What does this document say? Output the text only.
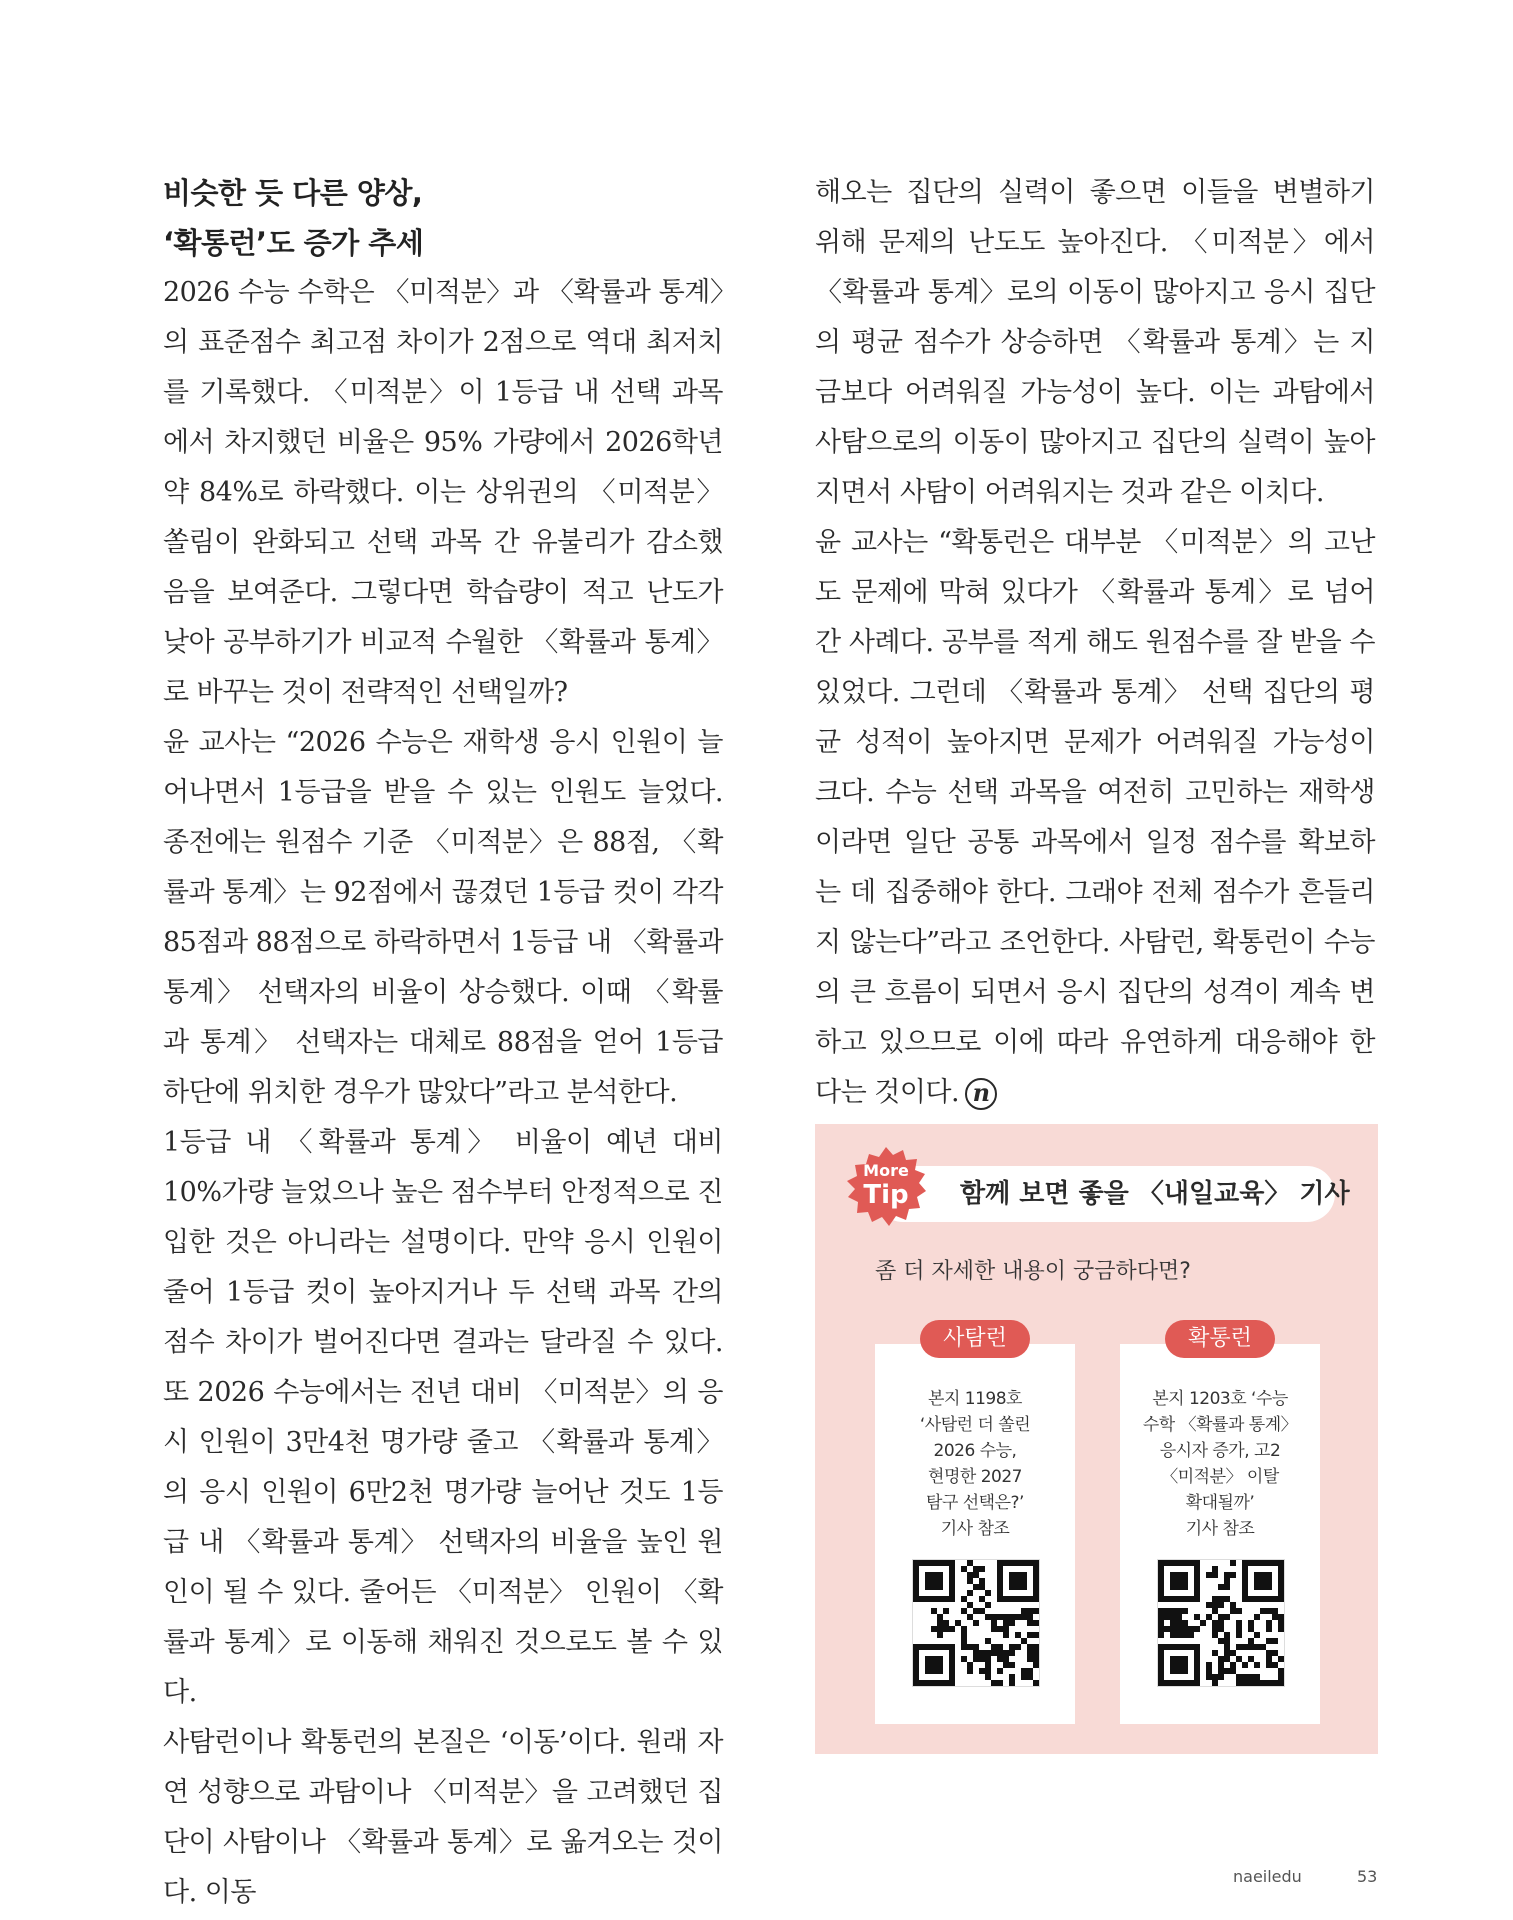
비슷한 듯 다른 양상,
‘확통런’도 증가 추세

2026 수능 수학은 〈미적분〉과 〈확률과 통계〉의 표준점수 최고점 차이가 2점으로 역대 최저치를 기록했다. 〈미적분〉이 1등급 내 선택 과목에서 차지했던 비율은 95% 가량에서 2026학년 약 84%로 하락했다. 이는 상위권의 〈미적분〉 쏠림이 완화되고 선택 과목 간 유불리가 감소했음을 보여준다. 그렇다면 학습량이 적고 난도가 낮아 공부하기가 비교적 수월한 〈확률과 통계〉로 바꾸는 것이 전략적인 선택일까?

윤 교사는 “2026 수능은 재학생 응시 인원이 늘어나면서 1등급을 받을 수 있는 인원도 늘었다. 종전에는 원점수 기준 〈미적분〉은 88점, 〈확률과 통계〉는 92점에서 끊겼던 1등급 컷이 각각 85점과 88점으로 하락하면서 1등급 내 〈확률과 통계〉 선택자의 비율이 상승했다. 이때 〈확률과 통계〉 선택자는 대체로 88점을 얻어 1등급 하단에 위치한 경우가 많았다”라고 분석한다.

1등급 내 〈확률과 통계〉 비율이 예년 대비 10%가량 늘었으나 높은 점수부터 안정적으로 진입한 것은 아니라는 설명이다. 만약 응시 인원이 줄어 1등급 컷이 높아지거나 두 선택 과목 간의 점수 차이가 벌어진다면 결과는 달라질 수 있다. 또 2026 수능에서는 전년 대비 〈미적분〉의 응시 인원이 3만4천 명가량 줄고 〈확률과 통계〉의 응시 인원이 6만2천 명가량 늘어난 것도 1등급 내 〈확률과 통계〉 선택자의 비율을 높인 원인이 될 수 있다. 줄어든 〈미적분〉 인원이 〈확률과 통계〉로 이동해 채워진 것으로도 볼 수 있다.

사탐런이나 확통런의 본질은 ‘이동’이다. 원래 자연 성향으로 과탐이나 〈미적분〉을 고려했던 집단이 사탐이나 〈확률과 통계〉로 옮겨오는 것이다. 이동

해오는 집단의 실력이 좋으면 이들을 변별하기 위해 문제의 난도도 높아진다. 〈미적분〉에서 〈확률과 통계〉로의 이동이 많아지고 응시 집단의 평균 점수가 상승하면 〈확률과 통계〉는 지금보다 어려워질 가능성이 높다. 이는 과탐에서 사탐으로의 이동이 많아지고 집단의 실력이 높아지면서 사탐이 어려워지는 것과 같은 이치다.

윤 교사는 “확통런은 대부분 〈미적분〉의 고난도 문제에 막혀 있다가 〈확률과 통계〉로 넘어간 사례다. 공부를 적게 해도 원점수를 잘 받을 수 있었다. 그런데 〈확률과 통계〉 선택 집단의 평균 성적이 높아지면 문제가 어려워질 가능성이 크다. 수능 선택 과목을 여전히 고민하는 재학생이라면 일단 공통 과목에서 일정 점수를 확보하는 데 집중해야 한다. 그래야 전체 점수가 흔들리지 않는다”라고 조언한다. 사탐런, 확통런이 수능의 큰 흐름이 되면서 응시 집단의 성격이 계속 변하고 있으므로 이에 따라 유연하게 대응해야 한다는 것이다. n

함께 보면 좋을 〈내일교육〉 기사
More
Tip
좀 더 자세한 내용이 궁금하다면?
사탐런
본지 1198호
‘사탐런 더 쏠린
2026 수능,
현명한 2027
탐구 선택은?’
기사 참조
확통런
본지 1203호 ‘수능
수학 〈확률과 통계〉
응시자 증가, 고2
〈미적분〉 이탈
확대될까’
기사 참조
naeiledu	53
